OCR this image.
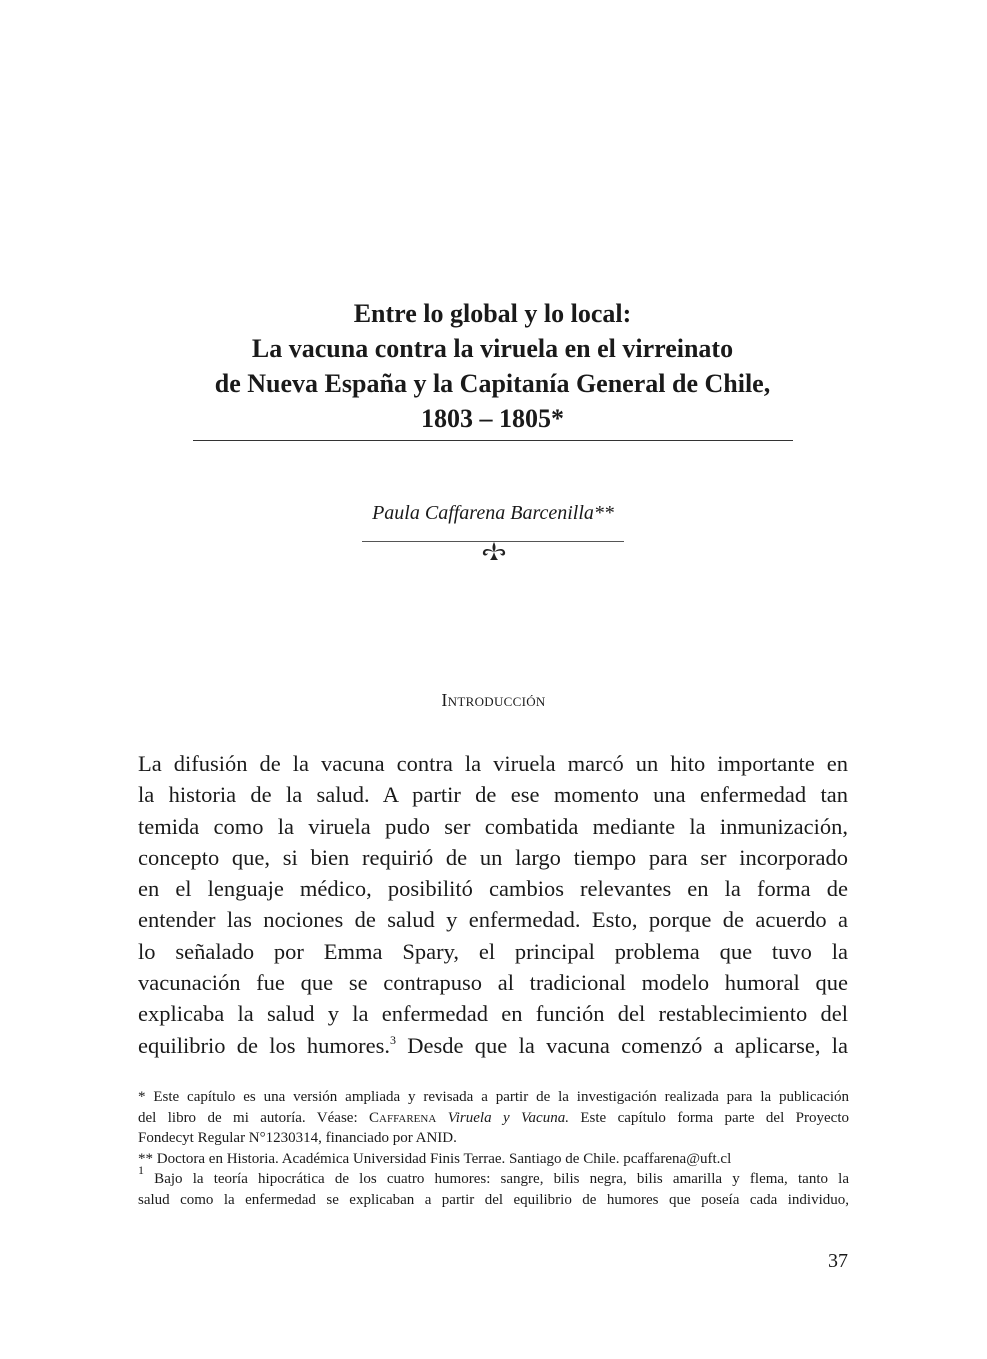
Entre lo global y lo local:

La vacuna contra la viruela en el virreinato

de Nueva España y la Capitanía General de Chile,

1803 – 1805*

Paula Caffarena Barcenilla**
Introducción
La difusión de la vacuna contra la viruela marcó un hito importante en
la historia de la salud. A partir de ese momento una enfermedad tan
temida como la viruela pudo ser combatida mediante la inmunización,
concepto que, si bien requirió de un largo tiempo para ser incorporado
en el lenguaje médico, posibilitó cambios relevantes en la forma de
entender las nociones de salud y enfermedad. Esto, porque de acuerdo a
lo señalado por Emma Spary, el principal problema que tuvo la
vacunación fue que se contrapuso al tradicional modelo humoral que
explicaba la salud y la enfermedad en función del restablecimiento del
equilibrio de los humores.$^3$ Desde que la vacuna comenzó a aplicarse, la
* Este capítulo es una versión ampliada y revisada a partir de la investigación realizada para la publicación
del libro de mi autoría. Véase: Caffarena Viruela y Vacuna. Este capítulo forma parte del Proyecto
Fondecyt Regular N°1230314, financiado por ANID.
** Doctora en Historia. Académica Universidad Finis Terrae. Santiago de Chile. pcaffarena@uft.cl
$^1$ Bajo la teoría hipocrática de los cuatro humores: sangre, bilis negra, bilis amarilla y flema, tanto la
salud como la enfermedad se explicaban a partir del equilibrio de humores que poseía cada individuo,
37
